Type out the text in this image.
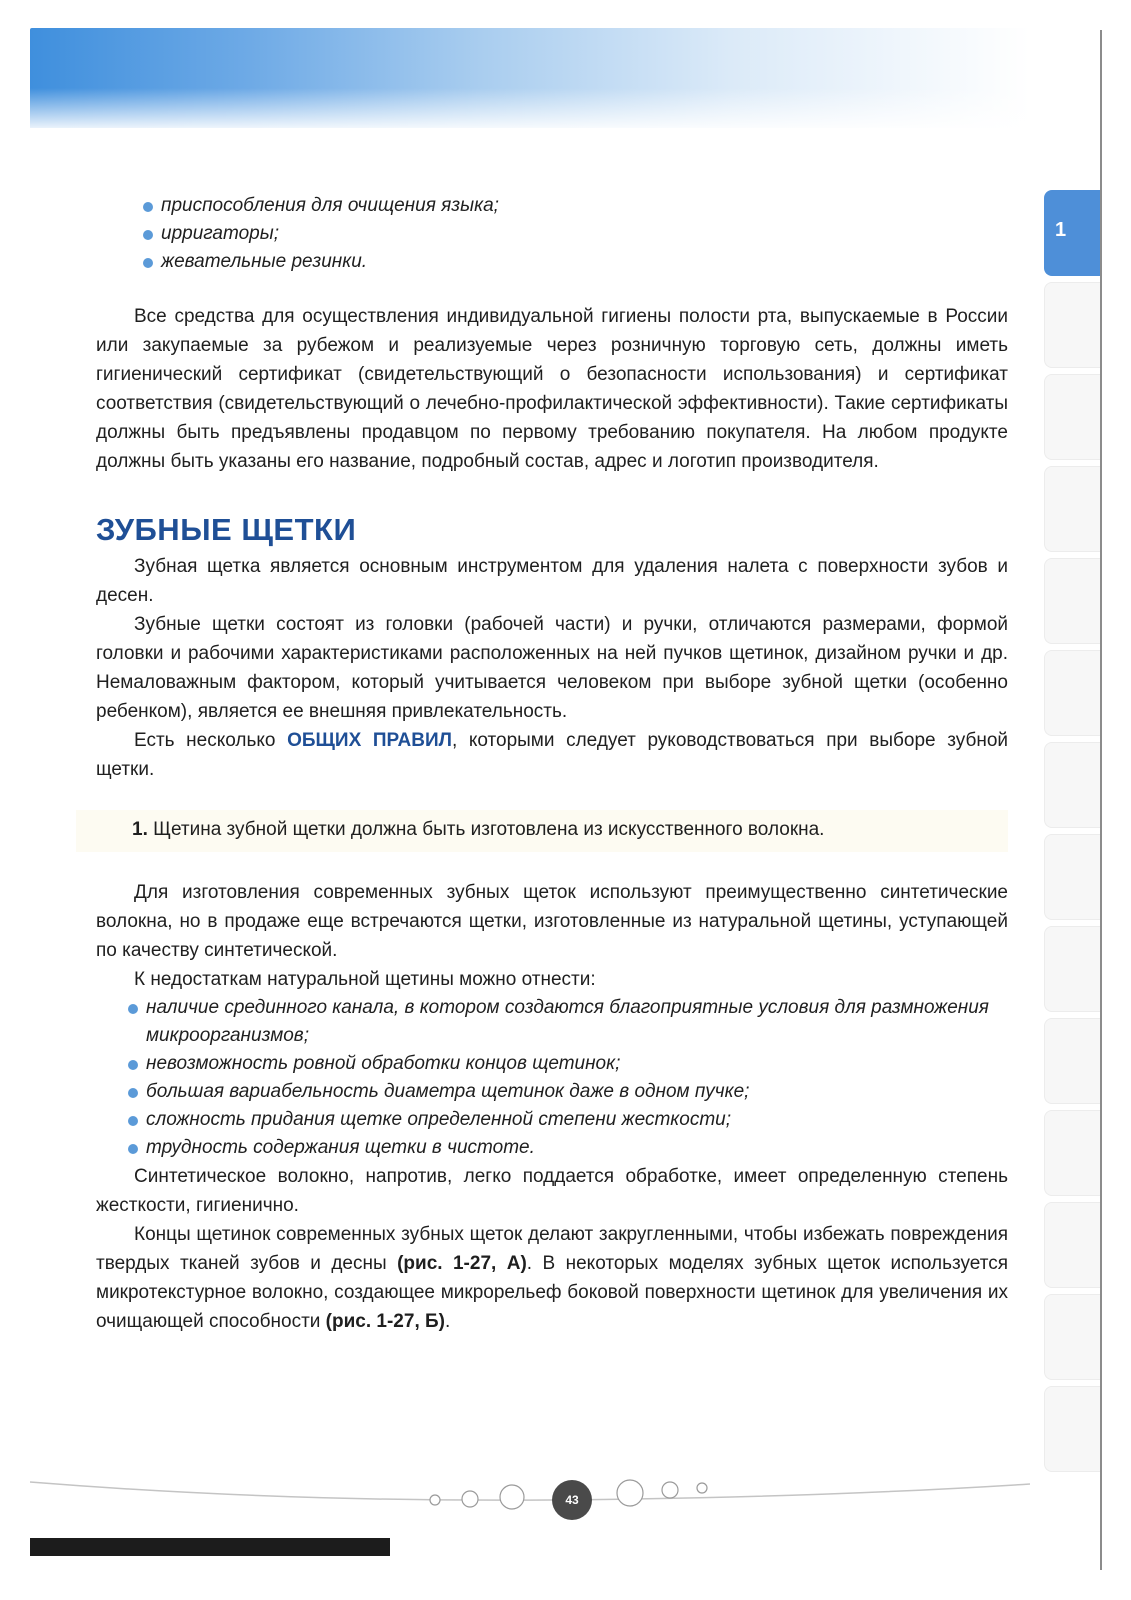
1
приспособления для очищения языка;
ирригаторы;
жевательные резинки.

Все средства для осуществления индивидуальной гигиены полости рта, выпускаемые в России или закупаемые за рубежом и реализуемые через розничную торговую сеть, должны иметь гигиенический сертификат (свидетельствующий о безопасности использования) и сертификат соответствия (свидетельствующий о лечебно-профилактической эффективности). Такие сертификаты должны быть предъявлены продавцом по первому требованию покупателя. На любом продукте должны быть указаны его название, подробный состав, адрес и логотип производителя.

ЗУБНЫЕ ЩЕТКИ

Зубная щетка является основным инструментом для удаления налета с поверхности зубов и десен.

Зубные щетки состоят из головки (рабочей части) и ручки, отличаются размерами, формой головки и рабочими характеристиками расположенных на ней пучков щетинок, дизайном ручки и др. Немаловажным фактором, который учитывается человеком при выборе зубной щетки (особенно ребенком), является ее внешняя привлекательность.

Есть несколько ОБЩИХ ПРАВИЛ, которыми следует руководствоваться при выборе зубной щетки.

1. Щетина зубной щетки должна быть изготовлена из искусственного волокна.

Для изготовления современных зубных щеток используют преимущественно синтетические волокна, но в продаже еще встречаются щетки, изготовленные из натуральной щетины, уступающей по качеству синтетической.

К недостаткам натуральной щетины можно отнести:

наличие срединного канала, в котором создаются благоприятные условия для размножения микроорганизмов;
невозможность ровной обработки концов щетинок;
большая вариабельность диаметра щетинок даже в одном пучке;
сложность придания щетке определенной степени жесткости;
трудность содержания щетки в чистоте.

Синтетическое волокно, напротив, легко поддается обработке, имеет определенную степень жесткости, гигиенично.

Концы щетинок современных зубных щеток делают закругленными, чтобы избежать повреждения твердых тканей зубов и десны (рис. 1-27, А). В некоторых моделях зубных щеток используется микротекстурное волокно, создающее микрорельеф боковой поверхности щетинок для увеличения их очищающей способности (рис. 1-27, Б).

43
